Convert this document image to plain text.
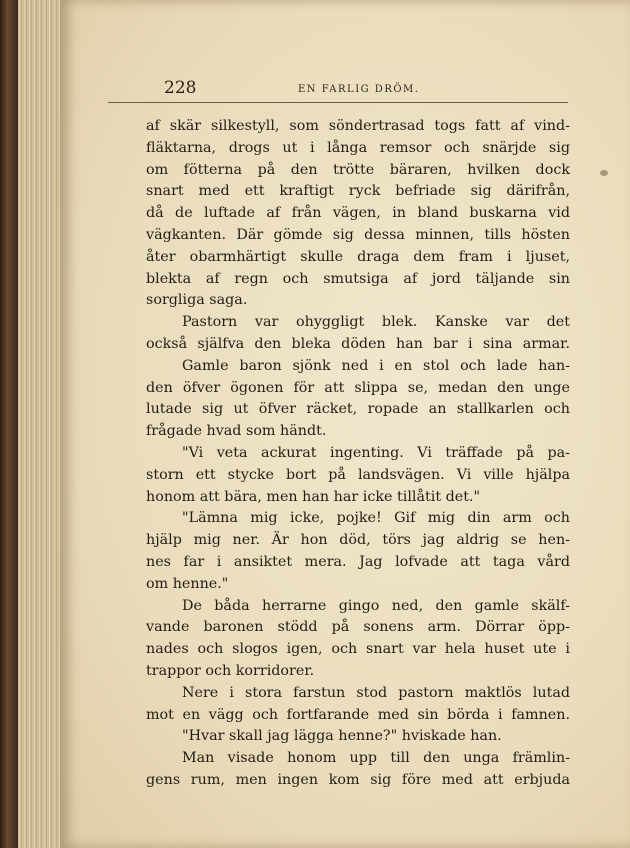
228	EN FARLIG DRÖM.
af skär silkestyll, som söndertrasad togs fatt af vind-
fläktarna, drogs ut i långa remsor och snärjde sig
om fötterna på den trötte bäraren, hvilken dock
snart med ett kraftigt ryck befriade sig därifrån,
då de luftade af från vägen, in bland buskarna vid
vägkanten. Där gömde sig dessa minnen, tills hösten
åter obarmhärtigt skulle draga dem fram i ljuset,
blekta af regn och smutsiga af jord täljande sin
sorgliga saga.
Pastorn var ohyggligt blek. Kanske var det
också själfva den bleka döden han bar i sina armar.
Gamle baron sjönk ned i en stol och lade han-
den öfver ögonen för att slippa se, medan den unge
lutade sig ut öfver räcket, ropade an stallkarlen och
frågade hvad som händt.
"Vi veta ackurat ingenting. Vi träffade på pa-
storn ett stycke bort på landsvägen. Vi ville hjälpa
honom att bära, men han har icke tillåtit det."
"Lämna mig icke, pojke! Gif mig din arm och
hjälp mig ner. Är hon död, törs jag aldrig se hen-
nes far i ansiktet mera. Jag lofvade att taga vård
om henne."
De båda herrarne gingo ned, den gamle skälf-
vande baronen stödd på sonens arm. Dörrar öpp-
nades och slogos igen, och snart var hela huset ute i
trappor och korridorer.
Nere i stora farstun stod pastorn maktlös lutad
mot en vägg och fortfarande med sin börda i famnen.
"Hvar skall jag lägga henne?" hviskade han.
Man visade honom upp till den unga främlin-
gens rum, men ingen kom sig före med att erbjuda
